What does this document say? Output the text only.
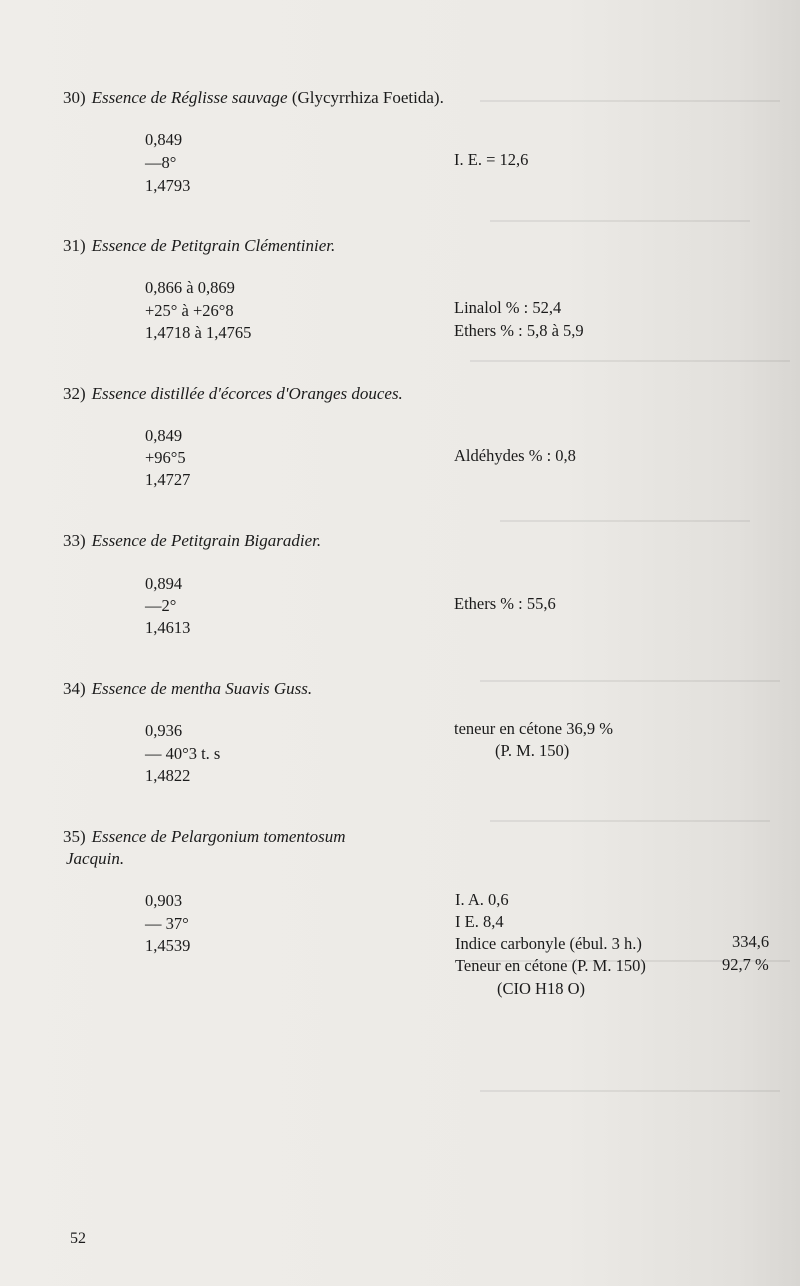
30) Essence de Réglisse sauvage (Glycyrrhiza Foetida).
0,849
—8°	I. E. = 12,6
1,4793
31) Essence de Petitgrain Clémentinier.
0,866 à 0,869
+25° à +26°8	Linalol % : 52,4
1,4718 à 1,4765	Ethers % : 5,8 à 5,9
32) Essence distillée d'écorces d'Oranges douces.
0,849
+96°5	Aldéhydes % : 0,8
1,4727
33) Essence de Petitgrain Bigaradier.
0,894
—2°	Ethers % : 55,6
1,4613
34) Essence de mentha Suavis Guss.
0,936	teneur en cétone 36,9 %
— 40°3 t. s	(P. M. 150)
1,4822
35) Essence de Pelargonium tomentosum
Jacquin.
0,903	I. A. 0,6
— 37°	I E. 8,4
1,4539	Indice carbonyle (ébul. 3 h.)	334,6
Teneur en cétone (P. M. 150)	92,7 %
(CIO H18 O)
52
